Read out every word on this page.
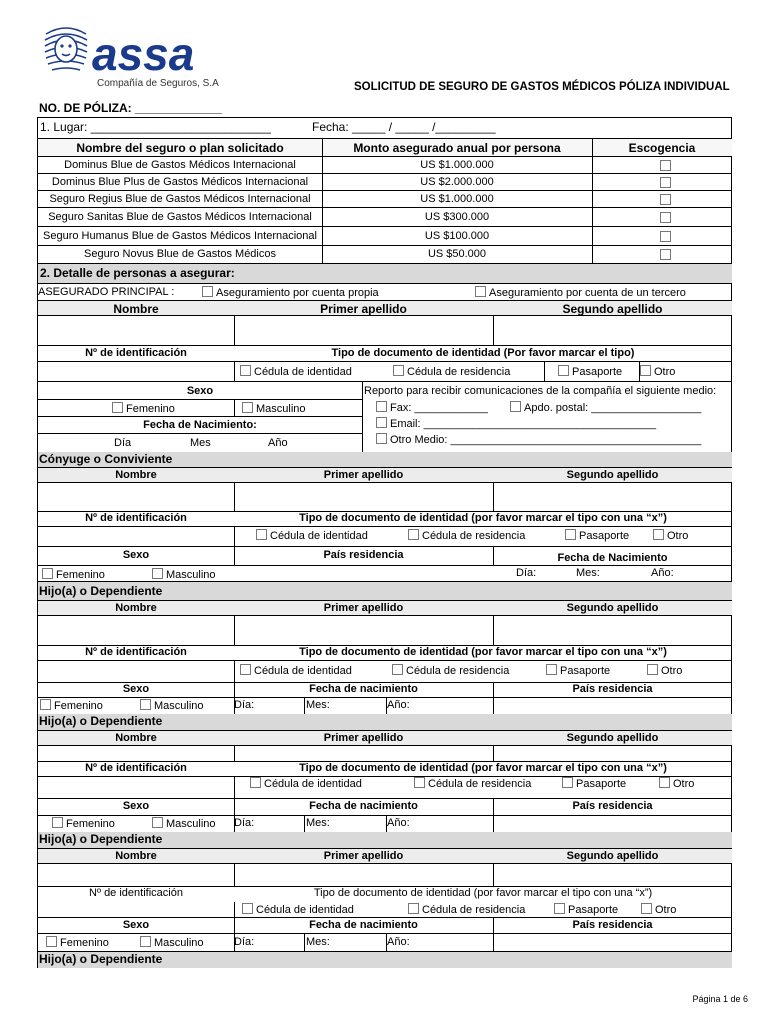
assa
Compañía de Seguros, S.A	SOLICITUD DE SEGURO DE GASTOS MÉDICOS PÓLIZA INDIVIDUAL
NO. DE PÓLIZA: _____________
1. Lugar: ___________________________	Fecha: _____ / _____ /_________
Nombre del seguro o plan solicitado	Monto asegurado anual por persona	Escogencia
Dominus Blue de Gastos Médicos Internacional	US $1.000.000
Dominus Blue Plus de Gastos Médicos Internacional	US $2.000.000
Seguro Regius Blue de Gastos Médicos Internacional	US $1.000.000
Seguro Sanitas Blue de Gastos Médicos Internacional	US $300.000
Seguro Humanus Blue de Gastos Médicos Internacional	US $100.000
Seguro Novus Blue de Gastos Médicos	US $50.000
2. Detalle de personas a asegurar:
ASEGURADO PRINCIPAL :	Aseguramiento por cuenta propia	Aseguramiento por cuenta de un tercero
Nombre	Primer apellido	Segundo apellido
Nº de identificación	Tipo de documento de identidad (Por favor marcar el tipo)
Cédula de identidad	Cédula de residencia	Pasaporte	Otro
Sexo
Femenino	Masculino
Fecha de Nacimiento:
Día	Mes	Año
Reporto para recibir comunicaciones de la compañía el siguiente medio:
Fax: ____________	Apdo. postal: __________________
Email: ______________________________________
Otro Medio: _________________________________________
Cónyuge o Conviviente
Nombre	Primer apellido	Segundo apellido
Nº de identificación	Tipo de documento de identidad (por favor marcar el tipo con una “x”)
Cédula de identidad	Cédula de residencia	Pasaporte	Otro
Sexo	País residencia	Fecha de Nacimiento
Femenino	Masculino	Día:	Mes:	Año:
Hijo(a) o Dependiente
Nombre	Primer apellido	Segundo apellido
Nº de identificación	Tipo de documento de identidad (por favor marcar el tipo con una “x”)
Cédula de identidad	Cédula de residencia	Pasaporte	Otro
Sexo	Fecha de nacimiento	País residencia
Femenino	Masculino	Día:	Mes:	Año:
Hijo(a) o Dependiente
Nombre	Primer apellido	Segundo apellido
Nº de identificación	Tipo de documento de identidad (por favor marcar el tipo con una “x”)
Cédula de identidad	Cédula de residencia	Pasaporte	Otro
Sexo	Fecha de nacimiento	País residencia
Femenino	Masculino Día:	Mes:	Año:
Hijo(a) o Dependiente
Nombre	Primer apellido	Segundo apellido
Nº de identificación	Tipo de documento de identidad (por favor marcar el tipo con una “x”)
Cédula de identidad	Cédula de residencia	Pasaporte	Otro
Sexo	Fecha de nacimiento	País residencia
Femenino	Masculino	Día:	Mes:	Año:
Hijo(a) o Dependiente
Página 1 de 6
